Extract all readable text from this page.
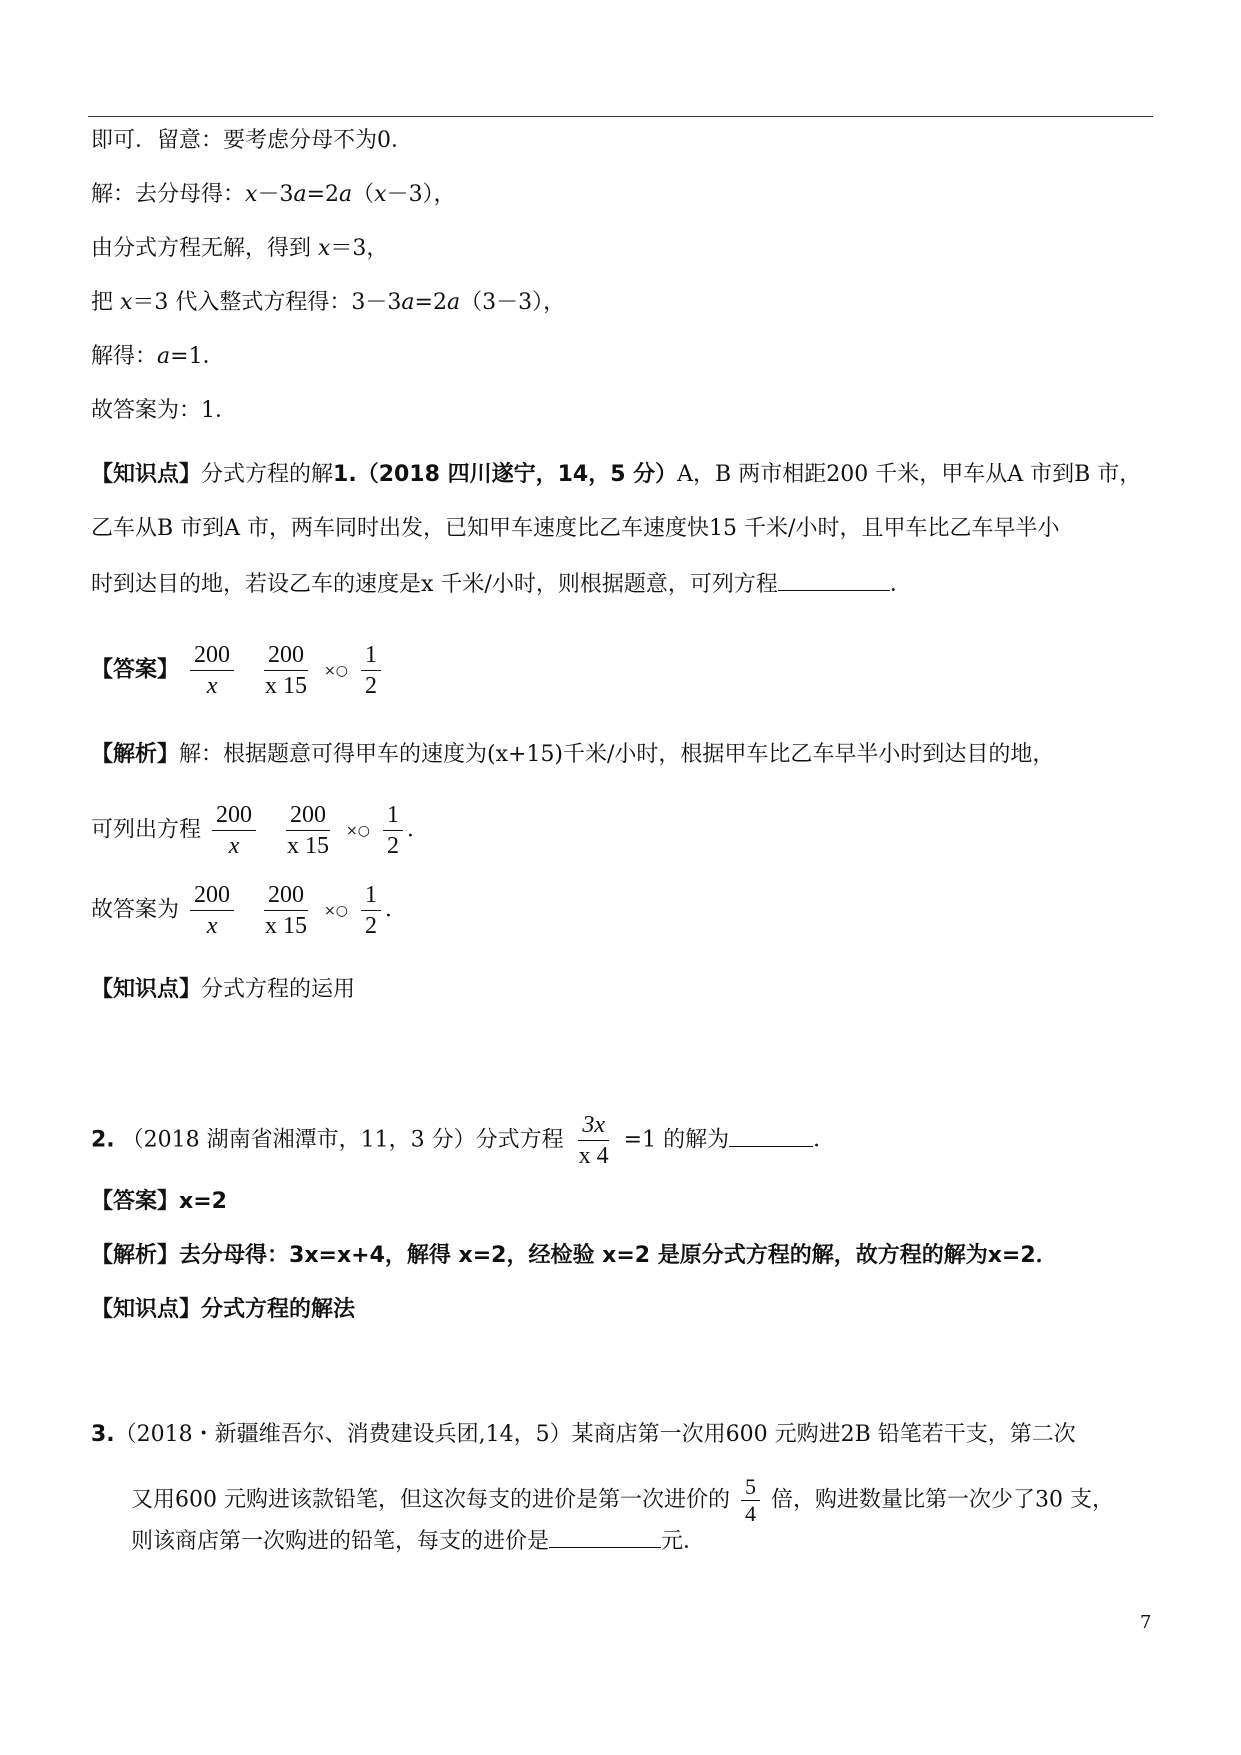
即可．留意：要考虑分母不为0．
解：去分母得：x－3a=2a（x－3），
由分式方程无解，得到 x＝3，
把 x＝3 代入整式方程得：3－3a=2a（3－3），
解得：a=1．
故答案为：1．
【知识点】分式方程的解1.（2018 四川遂宁，14，5 分）A，B 两市相距200 千米，甲车从A 市到B 市，
乙车从B 市到A 市，两车同时出发，已知甲车速度比乙车速度快15 千米/小时，且甲车比乙车早半小
时到达目的地，若设乙车的速度是x 千米/小时，则根据题意，可列方程	．
【答案】 $\frac{200}{x}$
$\frac{200}{x 15}$ ×○ $\frac{1}{2}$
【解析】解：根据题意可得甲车的速度为(x+15)千米/小时，根据甲车比乙车早半小时到达目的地，
可列出方程 $\frac{200}{x}$
$\frac{200}{x 15}$ ×○ $\frac{1}{2}$ ．
故答案为 $\frac{200}{x}$
$\frac{200}{x 15}$ ×○ $\frac{1}{2}$ ．
【知识点】分式方程的运用
2. （2018 湖南省湘潭市，11，3 分）分式方程 $\frac{3x}{x 4} =1$ 的解为	．
【答案】x=2
【解析】去分母得：3x=x+4，解得 x=2，经检验 x=2 是原分式方程的解，故方程的解为x=2．
【知识点】分式方程的解法
3.（2018・新疆维吾尔、消费建设兵团,14，5）某商店第一次用600 元购进2B 铅笔若干支，第二次
又用600 元购进该款铅笔，但这次每支的进价是第一次进价的 $\frac{5}{4}$ 倍，购进数量比第一次少了30 支，
则该商店第一次购进的铅笔，每支的进价是	元．
7
